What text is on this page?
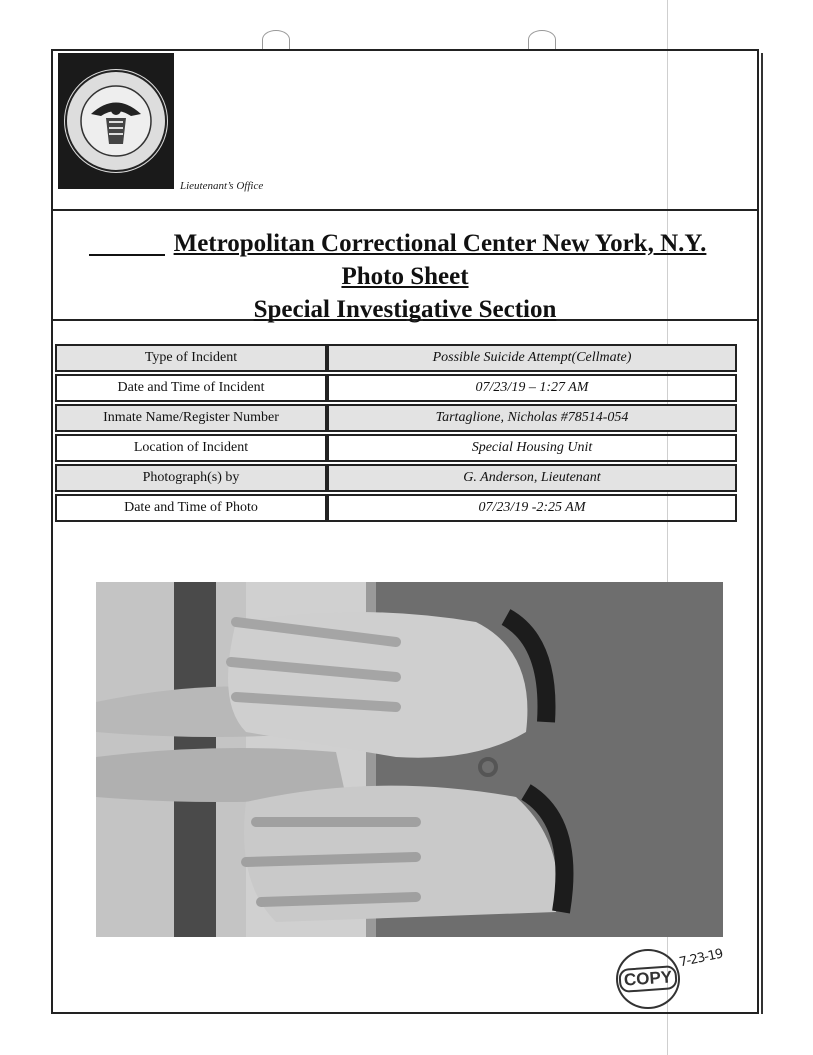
Lieutenant’s Office
Metropolitan Correctional Center New York, N.Y.
Photo Sheet
Special Investigative Section
Type of Incident	Possible Suicide Attempt(Cellmate)
Date and Time of Incident	07/23/19 – 1:27 AM
Inmate Name/Register Number	Tartaglione, Nicholas #78514-054
Location of Incident	Special Housing Unit
Photograph(s) by	G. Anderson, Lieutenant
Date and Time of Photo	07/23/19 -2:25 AM
COPY
7-23-19
